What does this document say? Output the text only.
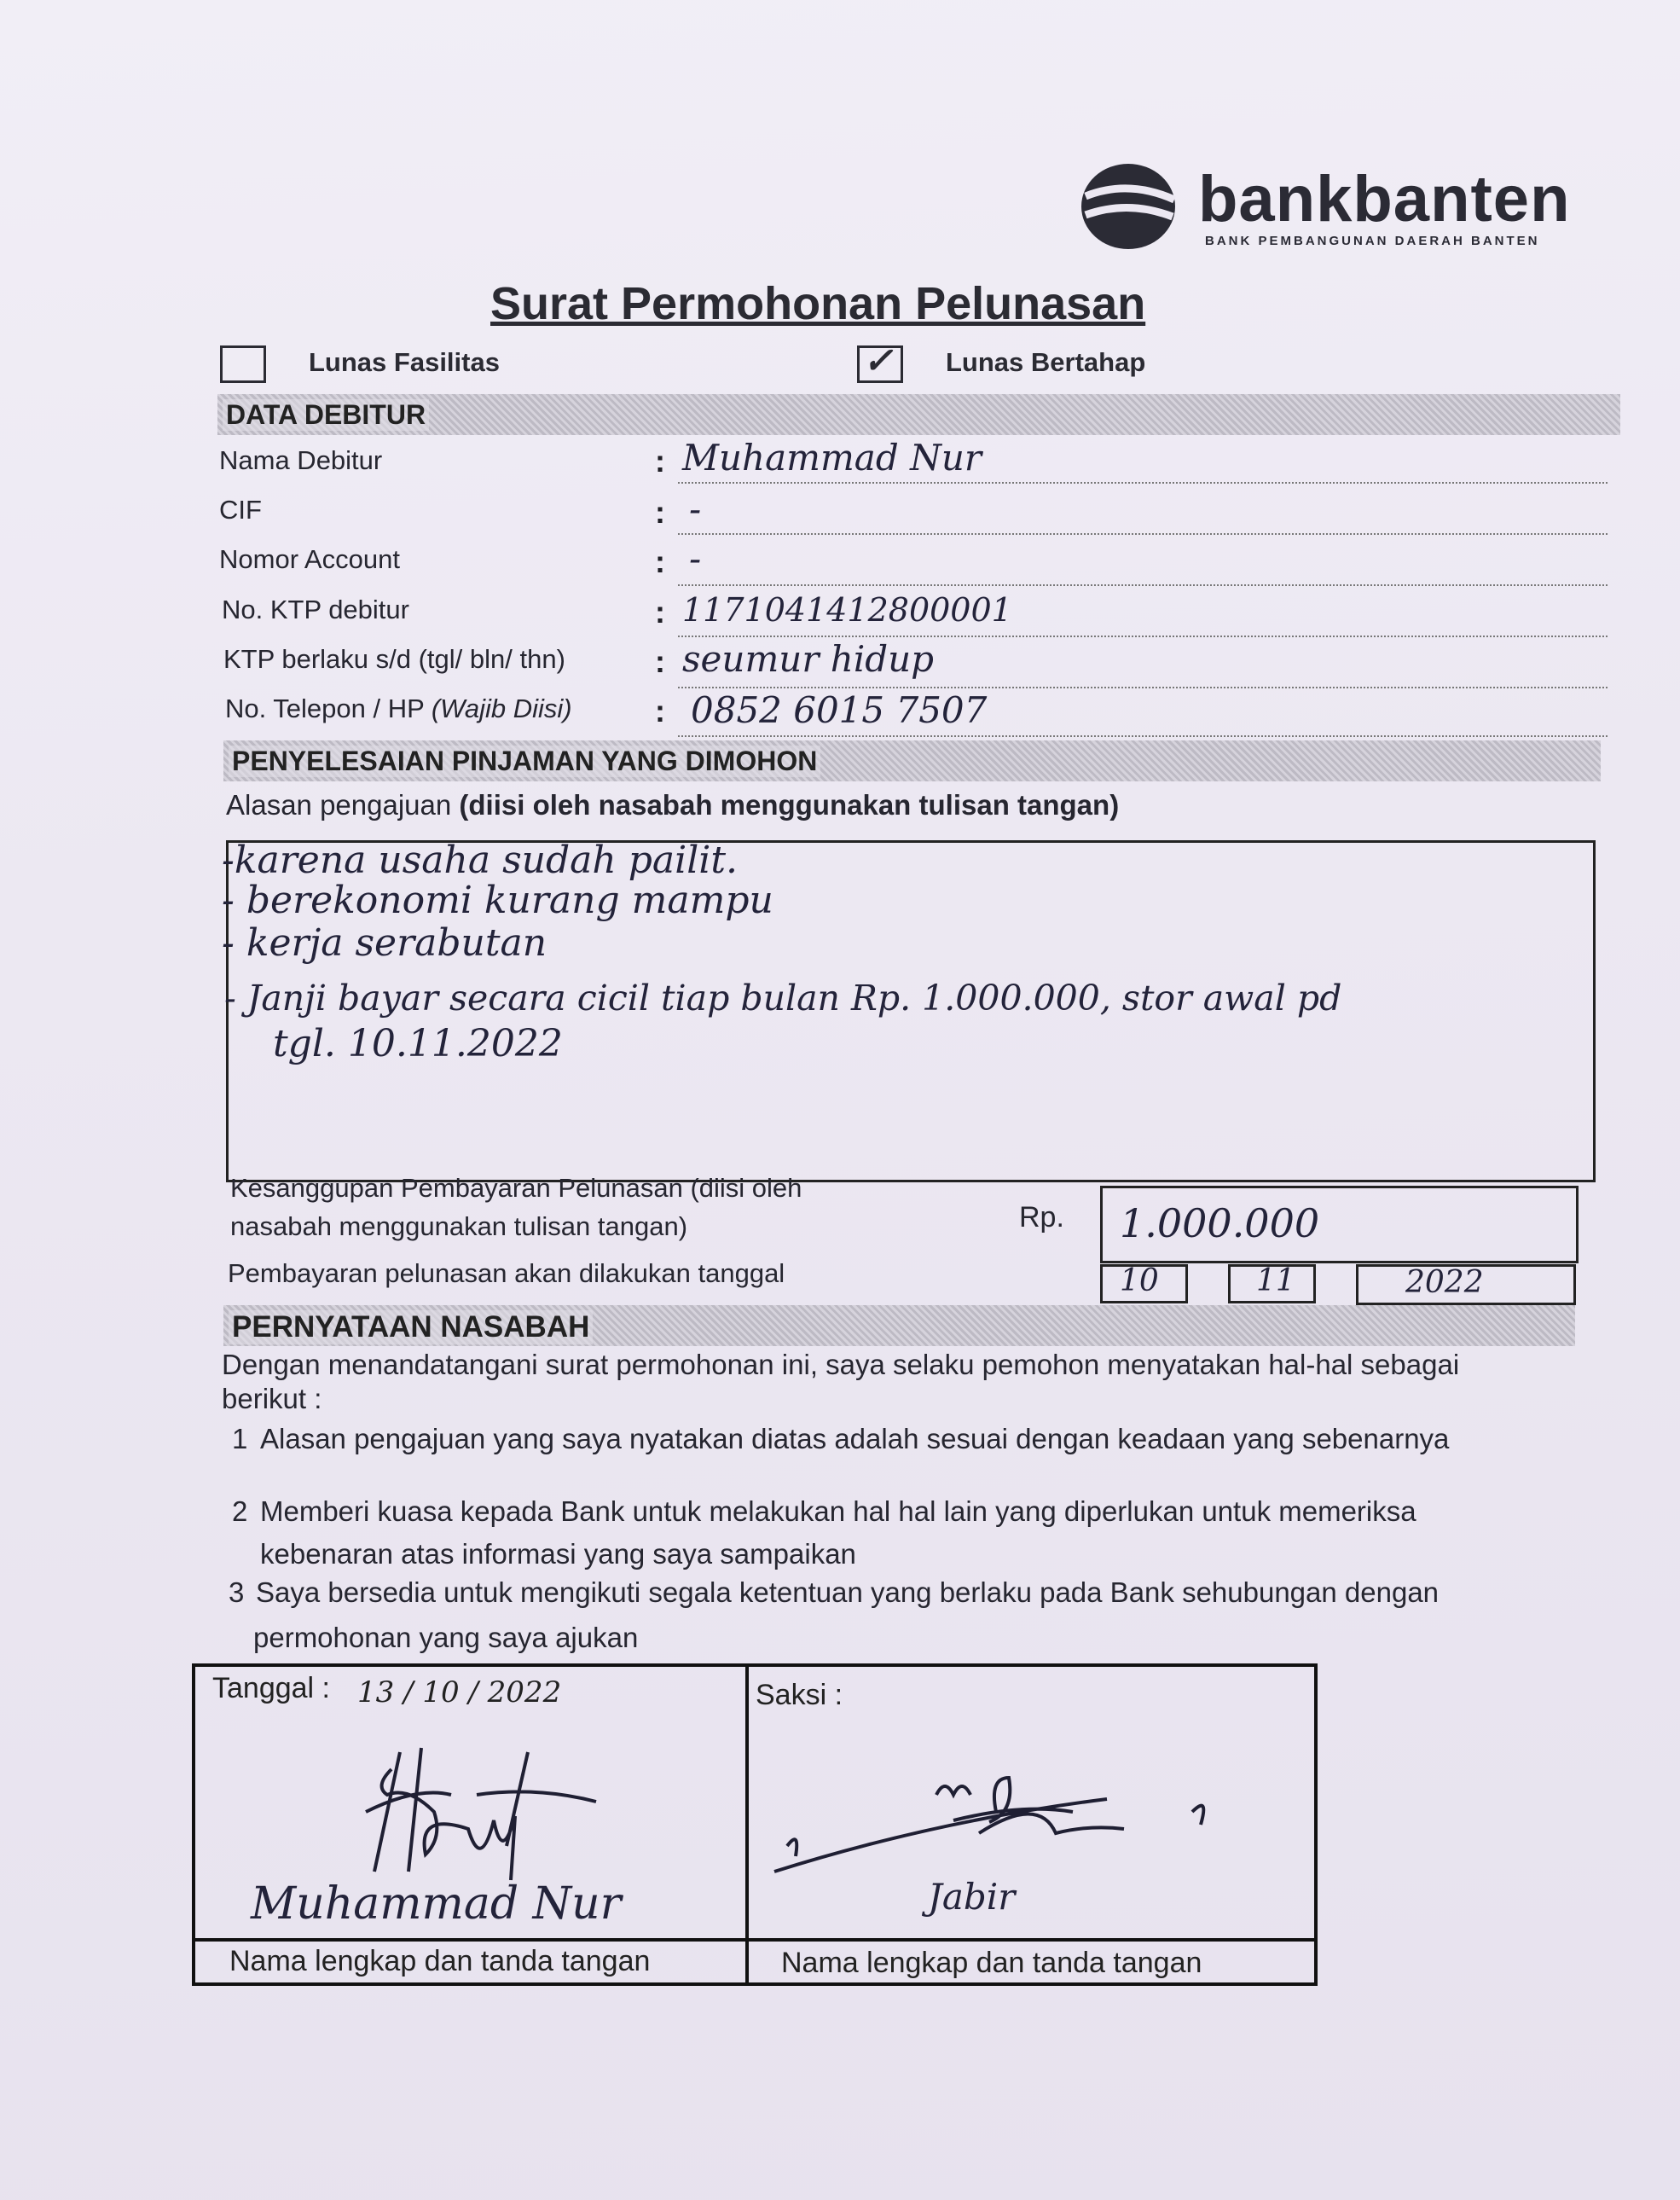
bankbanten
BANK PEMBANGUNAN DAERAH BANTEN
Surat Permohonan Pelunasan
Lunas Fasilitas	✓ Lunas Bertahap
DATA DEBITUR
Nama Debitur	: Muhammad Nur
CIF	: -
Nomor Account	: -
No. KTP debitur	: 1171041412800001
KTP berlaku s/d (tgl/ bln/ thn)	: seumur hidup
No. Telepon / HP (Wajib Diisi)	: 0852 6015 7507
PENYELESAIAN PINJAMAN YANG DIMOHON
Alasan pengajuan (diisi oleh nasabah menggunakan tulisan tangan)
-karena usaha sudah pailit.
- berekonomi kurang mampu
- kerja serabutan
- Janji bayar secara cicil tiap bulan Rp. 1.000.000, stor awal pd
tgl. 10.11.2022
Kesanggupan Pembayaran Pelunasan (diisi oleh
nasabah menggunakan tulisan tangan)	Rp. 1.000.000
Pembayaran pelunasan akan dilakukan tanggal	10	11	2022
PERNYATAAN NASABAH
Dengan menandatangani surat permohonan ini, saya selaku pemohon menyatakan hal-hal sebagai
berikut :
1 Alasan pengajuan yang saya nyatakan diatas adalah sesuai dengan keadaan yang sebenarnya
2 Memberi kuasa kepada Bank untuk melakukan hal hal lain yang diperlukan untuk memeriksa
kebenaran atas informasi yang saya sampaikan
3 Saya bersedia untuk mengikuti segala ketentuan yang berlaku pada Bank sehubungan dengan
permohonan yang saya ajukan
Tanggal : 13 / 10 / 2022
Muhammad Nur
Nama lengkap dan tanda tangan
Saksi :
Jabir
Nama lengkap dan tanda tangan
